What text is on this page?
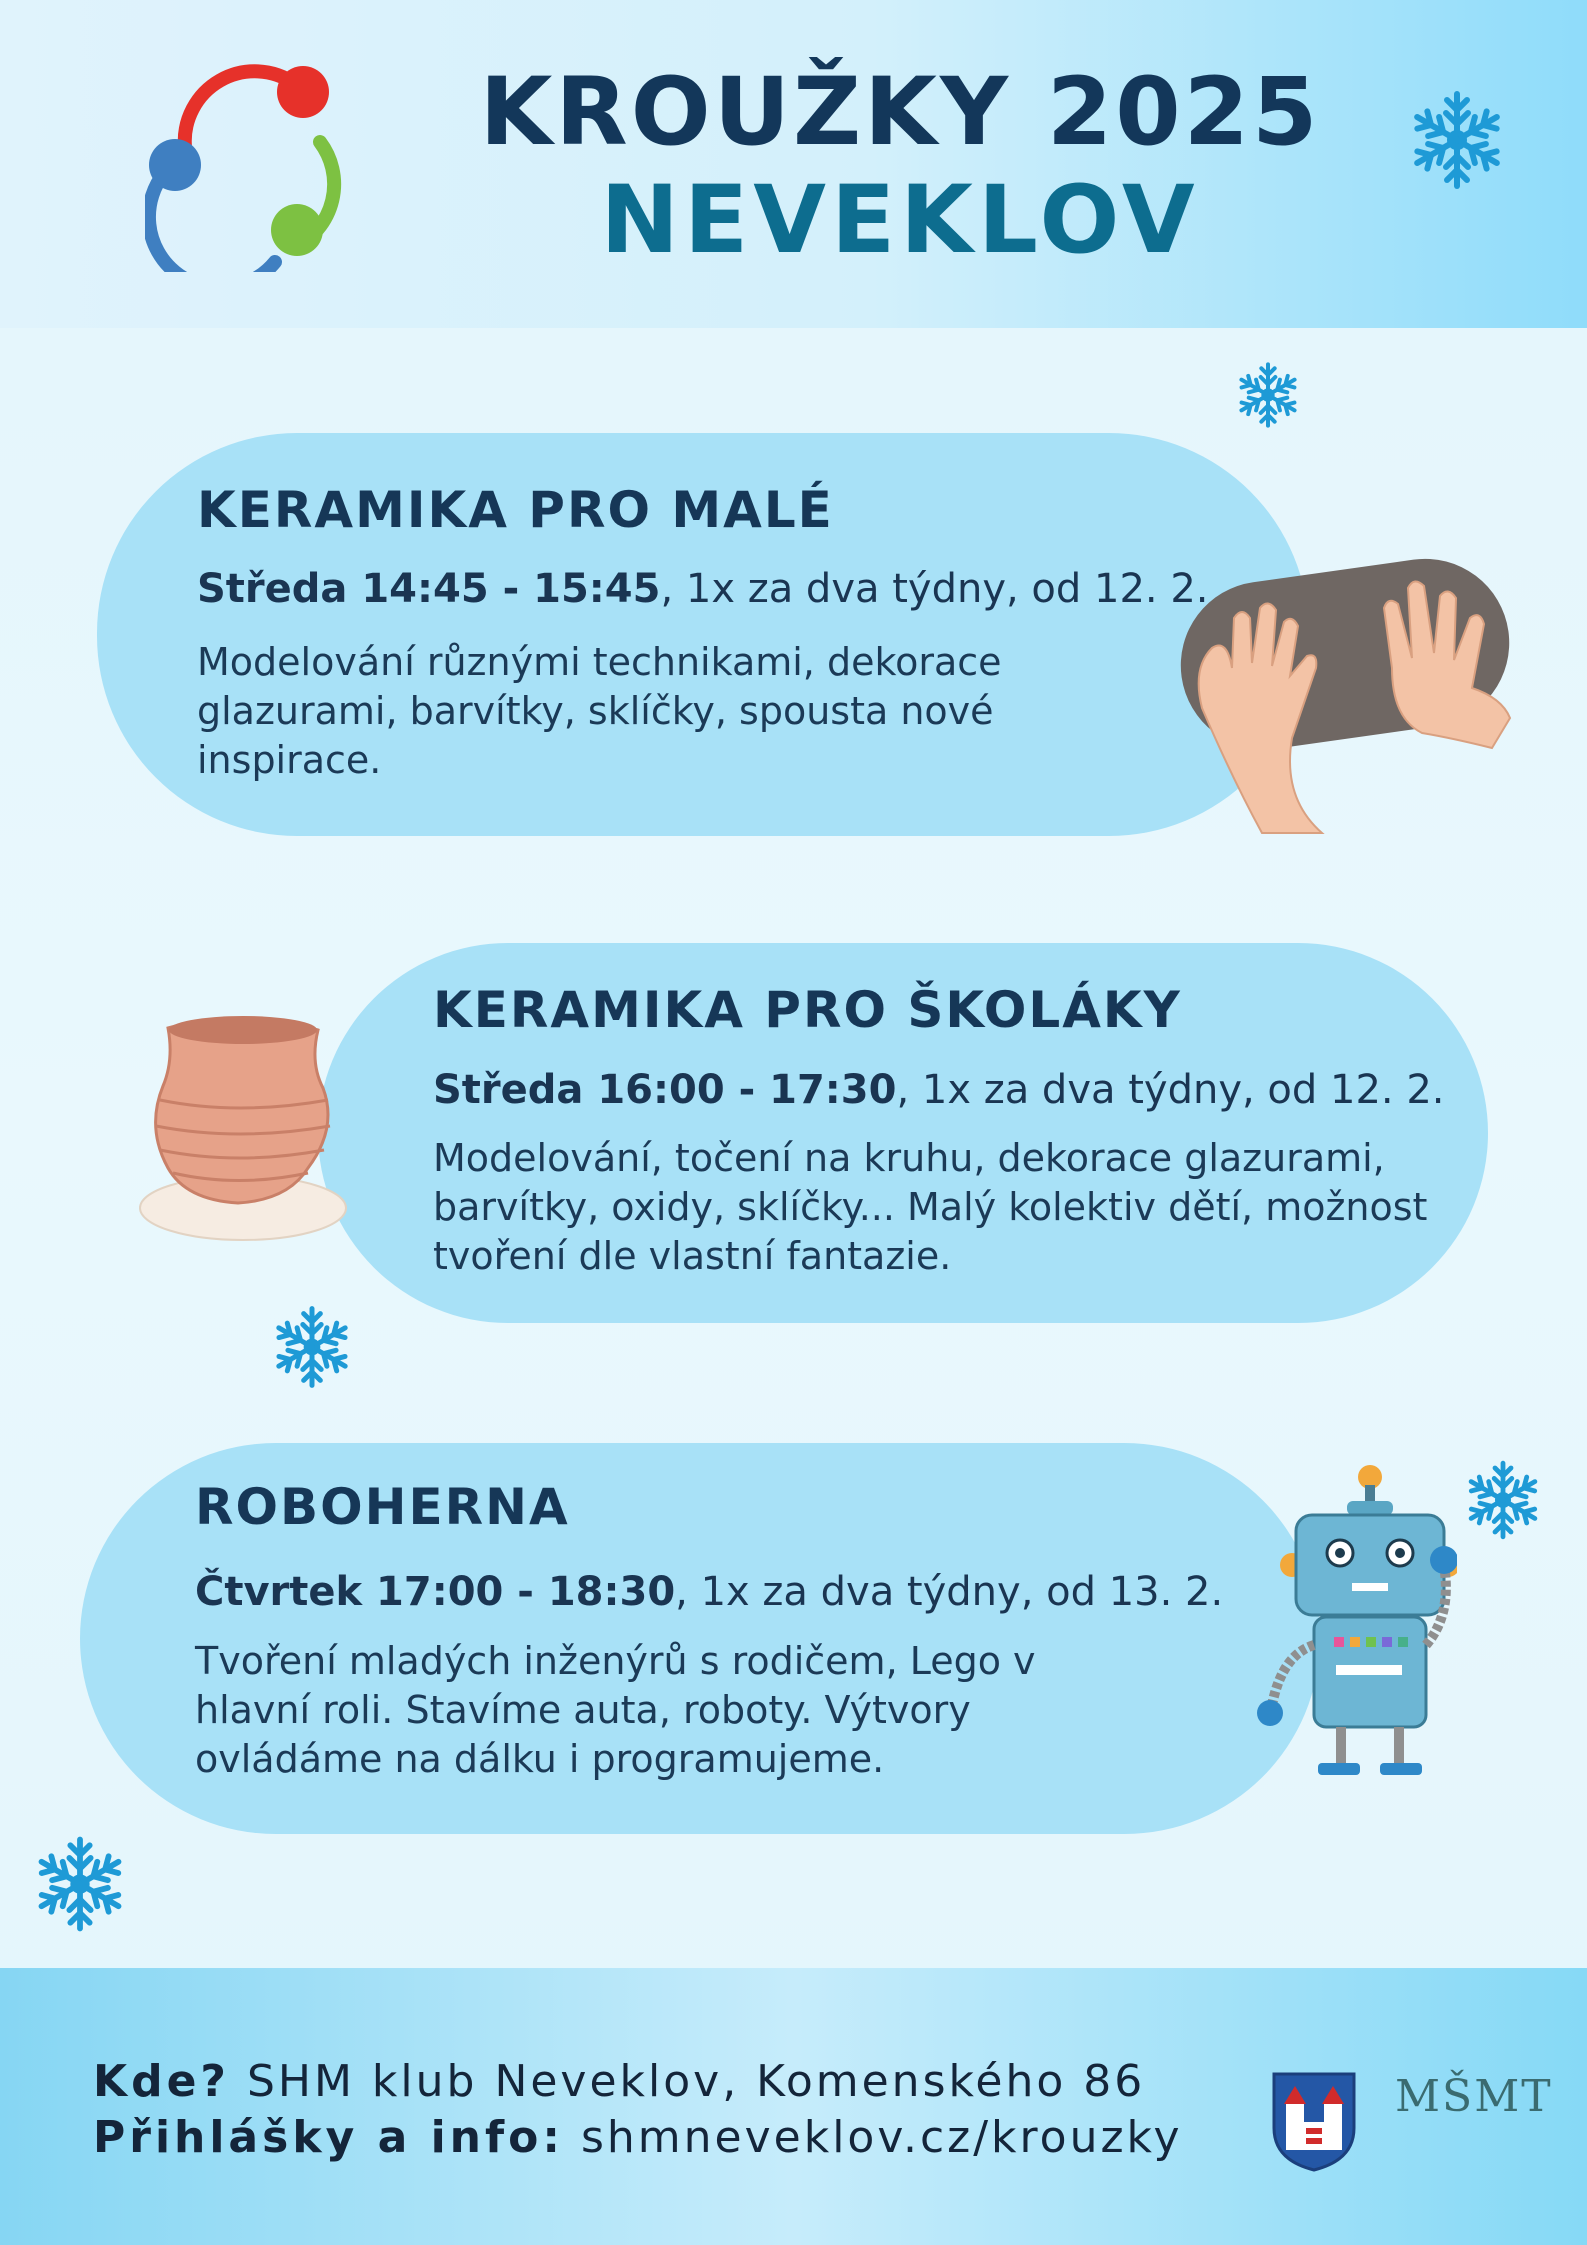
KROUŽKY 2025
NEVEKLOV
KERAMIKA PRO MALÉ
Středa 14:45 - 15:45, 1x za dva týdny, od 12. 2.
Modelování různými technikami, dekorace glazurami, barvítky, sklíčky, spousta nové inspirace.
KERAMIKA PRO ŠKOLÁKY
Středa 16:00 - 17:30, 1x za dva týdny, od 12. 2.
Modelování, točení na kruhu, dekorace glazurami, barvítky, oxidy, sklíčky... Malý kolektiv dětí, možnost tvoření dle vlastní fantazie.
ROBOHERNA
Čtvrtek 17:00 - 18:30, 1x za dva týdny, od 13. 2.
Tvoření mladých inženýrů s rodičem, Lego v hlavní roli. Stavíme auta, roboty. Výtvory ovládáme na dálku i programujeme.
Kde? SHM klub Neveklov, Komenského 86
Přihlášky a info: shmneveklov.cz/krouzky
MŠMT
